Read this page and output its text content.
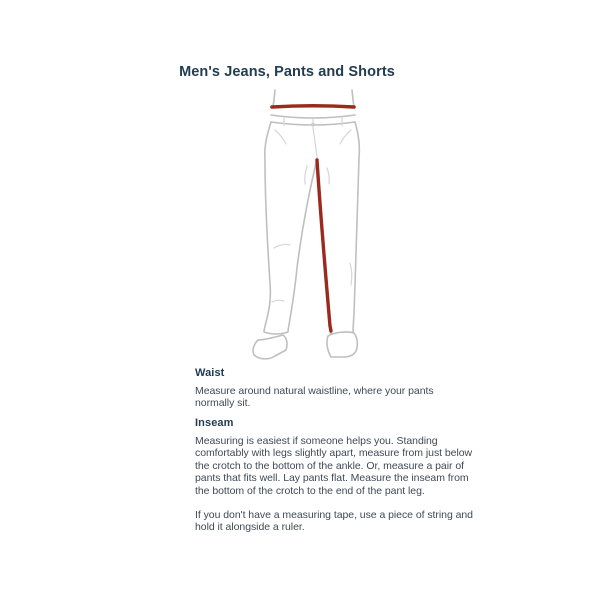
Men's Jeans, Pants and Shorts
Waist
Measure around natural waistline, where your pants normally sit.
Inseam
Measuring is easiest if someone helps you. Standing comfortably with legs slightly apart, measure from just below the crotch to the bottom of the ankle. Or, measure a pair of pants that fits well. Lay pants flat. Measure the inseam from the bottom of the crotch to the end of the pant leg.
If you don't have a measuring tape, use a piece of string and hold it alongside a ruler.
